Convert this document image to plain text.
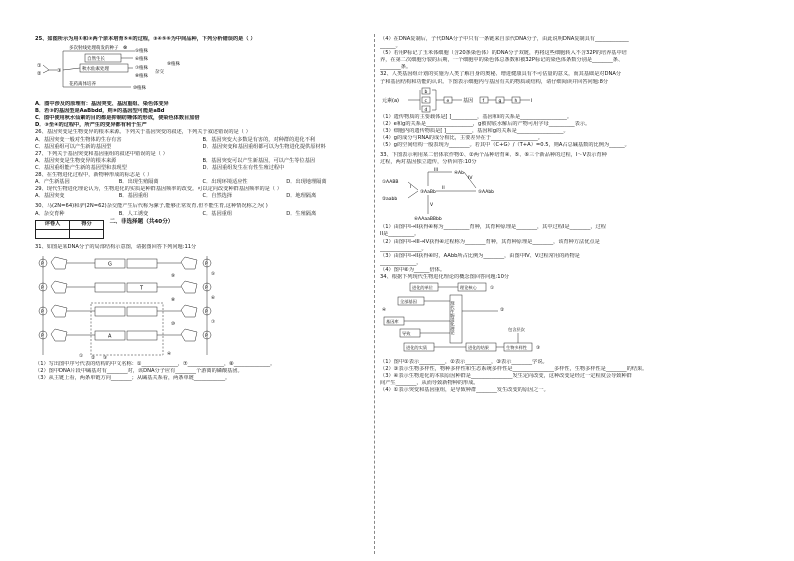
25、如图所示为用①和②两个亲本培育⑤⑥的过程，③④⑤⑥为中间品种，下列分析错误的是（ ）
①
②	③
多次射线处理萌发的种子
自然生长
秋水仙素处理
⑤植株
⑥植株
⑦植株
⑧植株
杂交
⑨植株
花药离体培养
⑩植株
⊗
A．图中涉及的原理有：基因突变、基因重组、染色体变异
B．若③的基因型是AaBbdd，则⑨的基因型可能是aBd
C．图中使用秋水仙素的目的都是抑制纺锤体的形成，使染色体数目加倍
D．③至④的过程中，所产生的变异都有利于生产
26、基因突变是生物变异的根本来源。下列关于基因突变的叙述，下列关于叙述错误的是（ ）
A．基因突变一般对生物体的生存有害	B．基因突变大多数是有害的，对种群的进化不利
C．基因重组可以产生新的基因型	D．基因突变和基因重组都可以为生物进化提供原材料
27、下列关于基因突变和基因重组的叙述中错误的是（ ）
A．基因突变是生物变异的根本来源	B．基因突变可以产生新基因，可以产生等位基因
C．基因重组能产生新的基因型和表现型	D．基因重组发生在有性生殖过程中
28、在生物进化过程中，新物种形成的标志是（ ）
A．产生新基因	B．出现生殖隔离	C．出现环境适应性	D．出现地理隔离
29、现代生物进化理论认为，生物进化的实质是种群基因频率的改变。可以定向改变种群基因频率的是（ ）
A．基因突变	B．基因重组	C．自然选择	D．地理隔离
30、马(2N=64)和驴(2N=62)杂交能产生后代称为骡子,能够正常发育,但不能生育,这种情况称之为( )
A．杂交育种	B．人工诱变	C．基因重组	D．生殖隔离
评卷人	得分
		二、非选择题（共40分）
31、如图是某DNA分子的局部结构示意图，请据图回答下列问题:11分
P	G	P
P	T	P
P	P
P	A	P
① ② ③
④
⑤
⑥
⑦
⑧
⑨
⑩
（1）写出图中序号代表的结构的中文名称：①______________，⑦______________，⑧______________。
（2）图中DNA片段中碱基对有________对，该DNA分子应有________个游离的磷酸基团。
（3）从主链上看，两条单链方向________；从碱基关系看，两条单链____________。
（4）在DNA复制后，子代DNA分子中只有一条链来自亲代DNA分子，由此说明DNA复制具有_____________
______。
（5）若用P标记了玉米体细胞（含20条染色体）的DNA分子双链，再将这些细胞转入不含32P的培养基中培
养，在第二次细胞分裂的后期，一个细胞中的染色体总条数和被32P标记的染色体条数分别是________条、
________条。
32、人类基因组计划的实施为人类了解自身的奥秘、增进健康具有不可估量的意义，而其基础是对DNA分
子和基因结构和功能的认识。下图表示细胞内与基因有关的物质或结构，请仔细阅读并回答问题:8分
元素(a)
b
c
d
e	基因 f	g	h	i
（1）遗传物质的主要载体是[ ]__________，基因和i的关系是__________________。
（2）e和g的关系是__________________，g被彻底水解后的产物可用字母__________表示。
（3）细胞内的遗传物质是[ ]__________，基因和g的关系是__________________。
（4）g的成分与RNA的成分相比，主要差异在于__________________。
（5）g的空间结构一般表现为________。若其中（C+G）/（T+A）=0.5，则A占总碱基数的比例为______。
33、下图表示利用某二倍体农作物①、②两个品种培育④、⑤、⑥三个新品种的过程，I～V表示育种
过程，两对基因独立遗传，分析回答:10分
①AABB
②aabb
I
③AaBb
II
III
④Ab
IV
⑤AAbb
V
⑥AAaaBBbb
（1）由图中I→II获得④称为__________育种，其育种原理是________，其中过程I是________，过程
II是__________。
（2）由图中I→III→IV获得④过程称为________育种，其育种原理是________，该育种方法优点是
________________。
（3）由图中I→II获得④时，AAbb所占比例为________，由图中Ⅳ、Ⅴ过程常用的药物是
______________。
（4）图中⑥为______倍体。
34、根据下列现代生物进化理论的概念图回答问题:10分
进化的单位	理论核心
全部基因	现代生物进化理论
基因库
导致
进化的实质	进化的结果
包含层次
生物多样性
①
②
③
④
（1）图中①表示__________，②表示__________，③表示________学说。
（2）③表示生物多样性，物种多样性和生态系统多样性是________________多样性，生物多样性是________的结果。
（3）④表示生物进化的本质原因种群是________________发生定向改变，这种改变是经过一定程度会导致种群
间产生________，从而导致新物种的形成。
（4）①表示突变和基因重组，是导致种群________发生改变的原因之一。
